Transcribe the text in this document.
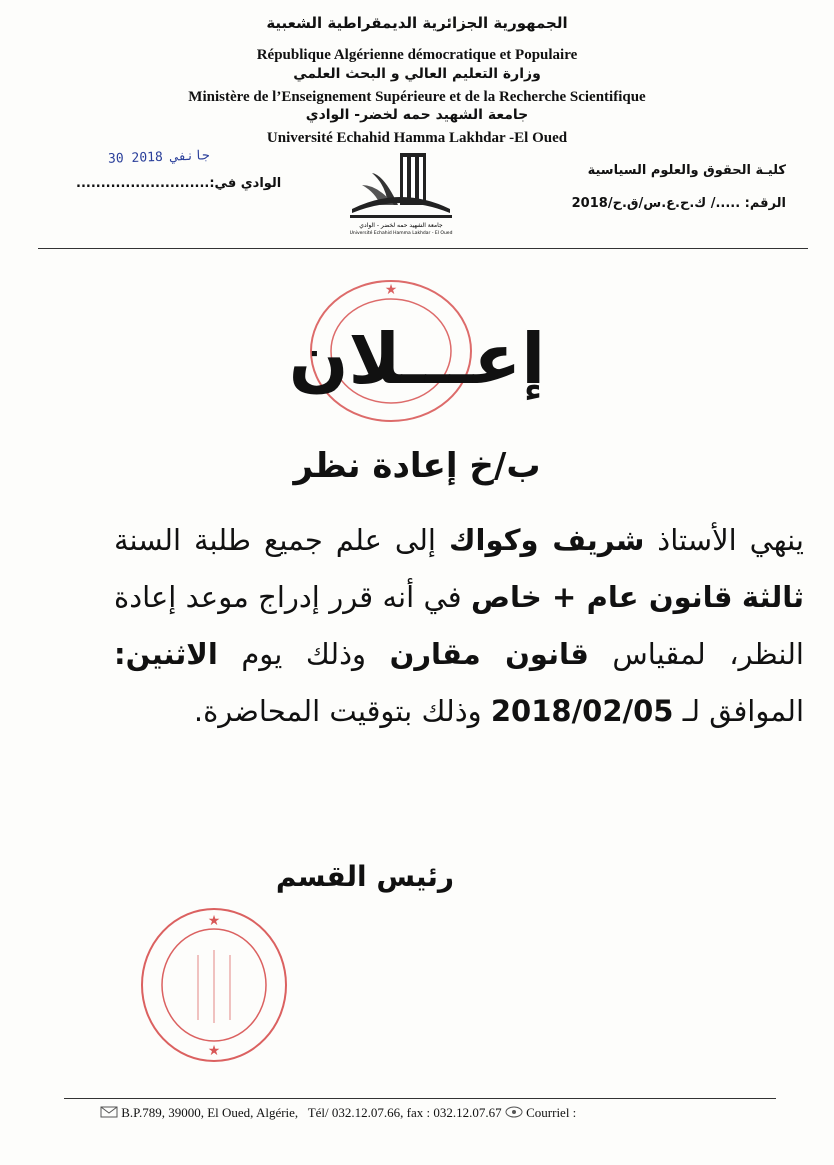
الجمهورية الجزائرية الديمقراطية الشعبية
République Algérienne démocratique et Populaire
وزارة التعليم العالي و البحث العلمي
Ministère de l’Enseignement Supérieure et de la Recherche Scientifique
جامعة الشهيد حمه لخضر- الوادي
Université Echahid Hamma Lakhdar -El Oued
كليـة الحقوق والعلوم السياسية
الرقم: ...../ ك.ح.ع.س/ق.ح/2018
الوادي في:...........................
30 جانفي 2018
جامعة الشهيد حمه لخضر - الوادي
Université Echahid Hamma Lakhdar - El Oued
★
إعـــلان
ب/خ إعادة نظر
ينهي الأستاذ شريف وكواك إلى علم جميع طلبة السنة ثالثة قانون عام + خاص في أنه قرر إدراج موعد إعادة النظر، لمقياس قانون مقارن وذلك يوم الاثنين: الموافق لـ 2018/02/05 وذلك بتوقيت المحاضرة.
رئيس القسم
★
★
B.P.789, 39000, El Oued, Algérie, Tél/ 032.12.07.66, fax : 032.12.07.67 Courriel :
